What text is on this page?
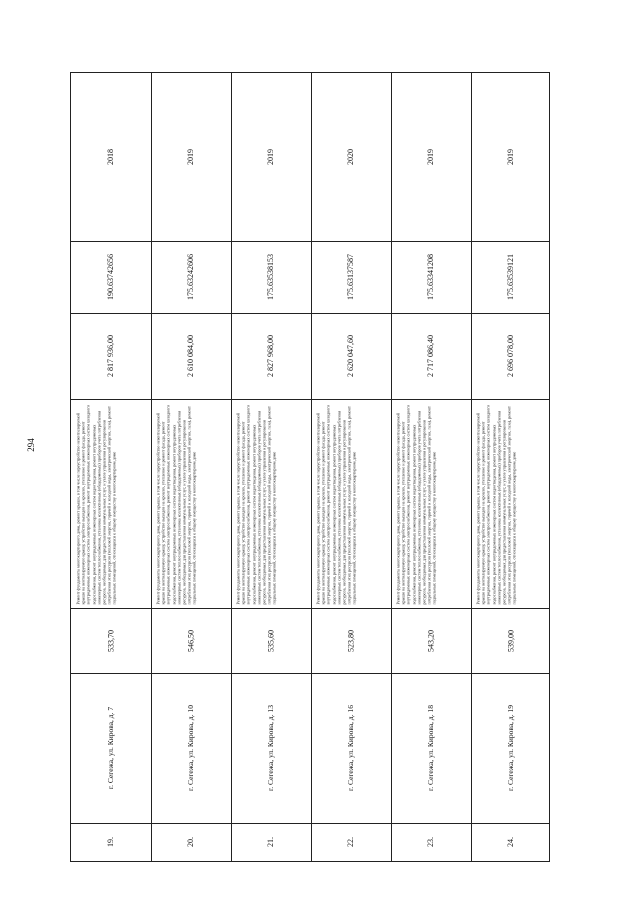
294
2018
190.63742656
2 817 936,00
Ремонт фундамента многоквартирного дома, ремонт крыши, в том числе переустройство невентилируемой крыши на вентилируемую крышу, устройство выходов на кровлю, утепление и ремонт фасада, ремонт внутридомовых инженерных систем электроснабжения, ремонт внутридомовых инженерных систем холодного водоснабжения, ремонт внутридомовых инженерных систем водоотведения, ремонт внутридомовых инженерных систем теплоснабжения, установка коллективных (общедомовых) приборов учета потребления ресурсов, необходимых для предоставления коммунальных услуг, и узлов управления и регулирования потребления этих ресурсов (тепловой энергии, горячей и холодной воды, электрической энергии, газа), ремонт подвальных помещений, относящихся к общему имуществу в многоквартирном доме
533,70
г. Сегежа, ул. Кирова, д. 7
19.
2019
175.63242606
2 610 084,00
Ремонт фундамента многоквартирного дома, ремонт крыши, в том числе переустройство невентилируемой крыши на вентилируемую крышу, устройство выходов на кровлю, утепление и ремонт фасада, ремонт внутридомовых инженерных систем электроснабжения, ремонт внутридомовых инженерных систем холодного водоснабжения, ремонт внутридомовых инженерных систем водоотведения, ремонт внутридомовых инженерных систем теплоснабжения, установка коллективных (общедомовых) приборов учета потребления ресурсов, необходимых для предоставления коммунальных услуг, и узлов управления и регулирования потребления этих ресурсов (тепловой энергии, горячей и холодной воды, электрической энергии, газа), ремонт подвальных помещений, относящихся к общему имуществу в многоквартирном доме
546,50
г. Сегежа, ул. Кирова, д. 10
20.
2019
175.63538153
2 827 968,00
Ремонт фундамента многоквартирного дома, ремонт крыши, в том числе переустройство невентилируемой крыши на вентилируемую крышу, устройство выходов на кровлю, утепление и ремонт фасада, ремонт внутридомовых инженерных систем электроснабжения, ремонт внутридомовых инженерных систем холодного водоснабжения, ремонт внутридомовых инженерных систем водоотведения, ремонт внутридомовых инженерных систем теплоснабжения, установка коллективных (общедомовых) приборов учета потребления ресурсов, необходимых для предоставления коммунальных услуг, и узлов управления и регулирования потребления этих ресурсов (тепловой энергии, горячей и холодной воды, электрической энергии, газа), ремонт подвальных помещений, относящихся к общему имуществу в многоквартирном доме
535,60
г. Сегежа, ул. Кирова, д. 13
21.
2020
175.63137587
2 620 047,60
Ремонт фундамента многоквартирного дома, ремонт крыши, в том числе переустройство невентилируемой крыши на вентилируемую крышу, устройство выходов на кровлю, утепление и ремонт фасада, ремонт внутридомовых инженерных систем электроснабжения, ремонт внутридомовых инженерных систем холодного водоснабжения, ремонт внутридомовых инженерных систем водоотведения, ремонт внутридомовых инженерных систем теплоснабжения, установка коллективных (общедомовых) приборов учета потребления ресурсов, необходимых для предоставления коммунальных услуг, и узлов управления и регулирования потребления этих ресурсов (тепловой энергии, горячей и холодной воды, электрической энергии, газа), ремонт подвальных помещений, относящихся к общему имуществу в многоквартирном доме
523,80
г. Сегежа, ул. Кирова, д. 16
22.
2019
175.63341208
2 717 086,40
Ремонт фундамента многоквартирного дома, ремонт крыши, в том числе переустройство невентилируемой крыши на вентилируемую крышу, устройство выходов на кровлю, утепление и ремонт фасада, ремонт внутридомовых инженерных систем электроснабжения, ремонт внутридомовых инженерных систем холодного водоснабжения, ремонт внутридомовых инженерных систем водоотведения, ремонт внутридомовых инженерных систем теплоснабжения, установка коллективных (общедомовых) приборов учета потребления ресурсов, необходимых для предоставления коммунальных услуг, и узлов управления и регулирования потребления этих ресурсов (тепловой энергии, горячей и холодной воды, электрической энергии, газа), ремонт подвальных помещений, относящихся к общему имуществу в многоквартирном доме
543,20
г. Сегежа, ул. Кирова, д. 18
23.
2019
175.63539121
2 696 078,00
Ремонт фундамента многоквартирного дома, ремонт крыши, в том числе переустройство невентилируемой крыши на вентилируемую крышу, устройство выходов на кровлю, утепление и ремонт фасада, ремонт внутридомовых инженерных систем электроснабжения, ремонт внутридомовых инженерных систем холодного водоснабжения, ремонт внутридомовых инженерных систем водоотведения, ремонт внутридомовых инженерных систем теплоснабжения, установка коллективных (общедомовых) приборов учета потребления ресурсов, необходимых для предоставления коммунальных услуг, и узлов управления и регулирования потребления этих ресурсов (тепловой энергии, горячей и холодной воды, электрической энергии, газа), ремонт подвальных помещений, относящихся к общему имуществу в многоквартирном доме
539,00
г. Сегежа, ул. Кирова, д. 19
24.
